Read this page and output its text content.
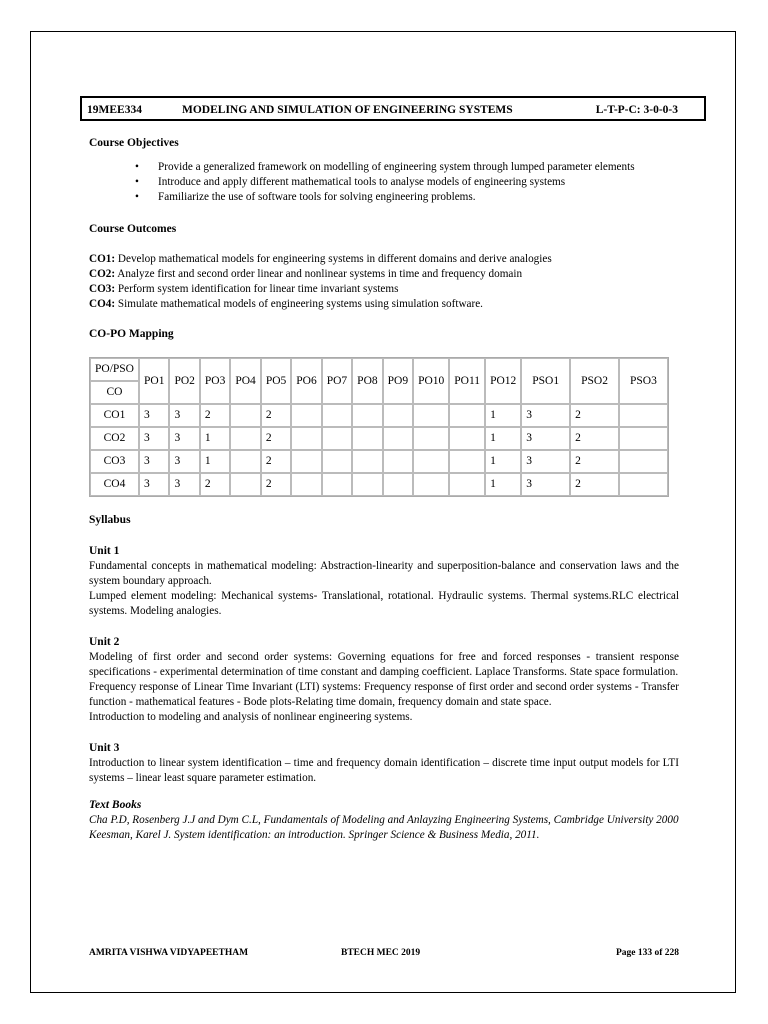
19MEE334	MODELING AND SIMULATION OF ENGINEERING SYSTEMS	L-T-P-C: 3-0-0-3
Course Objectives
• Provide a generalized framework on modelling of engineering system through lumped parameter elements
• Introduce and apply different mathematical tools to analyse models of engineering systems
• Familiarize the use of software tools for solving engineering problems.
Course Outcomes
CO1: Develop mathematical models for engineering systems in different domains and derive analogies
CO2: Analyze first and second order linear and nonlinear systems in time and frequency domain
CO3: Perform system identification for linear time invariant systems
CO4: Simulate mathematical models of engineering systems using simulation software.
CO-PO Mapping
PO/PSO	PO1	PO2	PO3	PO4	PO5	PO6	PO7	PO8	PO9	PO10	PO11	PO12	PSO1	PSO2	PSO3
CO															
CO1	3	3	2		2							1	3	2	
CO2	3	3	1		2							1	3	2	
CO3	3	3	1		2							1	3	2	
CO4	3	3	2		2							1	3	2	
Syllabus
Unit 1

Fundamental concepts in mathematical modeling: Abstraction-linearity and superposition-balance and conservation laws and the system boundary approach.

Lumped element modeling: Mechanical systems- Translational, rotational. Hydraulic systems. Thermal systems.RLC electrical systems. Modeling analogies.

Unit 2

Modeling of first order and second order systems: Governing equations for free and forced responses - transient response specifications - experimental determination of time constant and damping coefficient. Laplace Transforms. State space formulation.

Frequency response of Linear Time Invariant (LTI) systems: Frequency response of first order and second order systems - Transfer function - mathematical features - Bode plots-Relating time domain, frequency domain and state space.

Introduction to modeling and analysis of nonlinear engineering systems.

Unit 3

Introduction to linear system identification – time and frequency domain identification – discrete time input output models for LTI systems – linear least square parameter estimation.

Text Books

Cha P.D, Rosenberg J.J and Dym C.L, Fundamentals of Modeling and Anlayzing Engineering Systems, Cambridge University 2000

Keesman, Karel J. System identification: an introduction. Springer Science & Business Media, 2011.

AMRITA VISHWA VIDYAPEETHAM	BTECH MEC 2019	Page 133 of 228
